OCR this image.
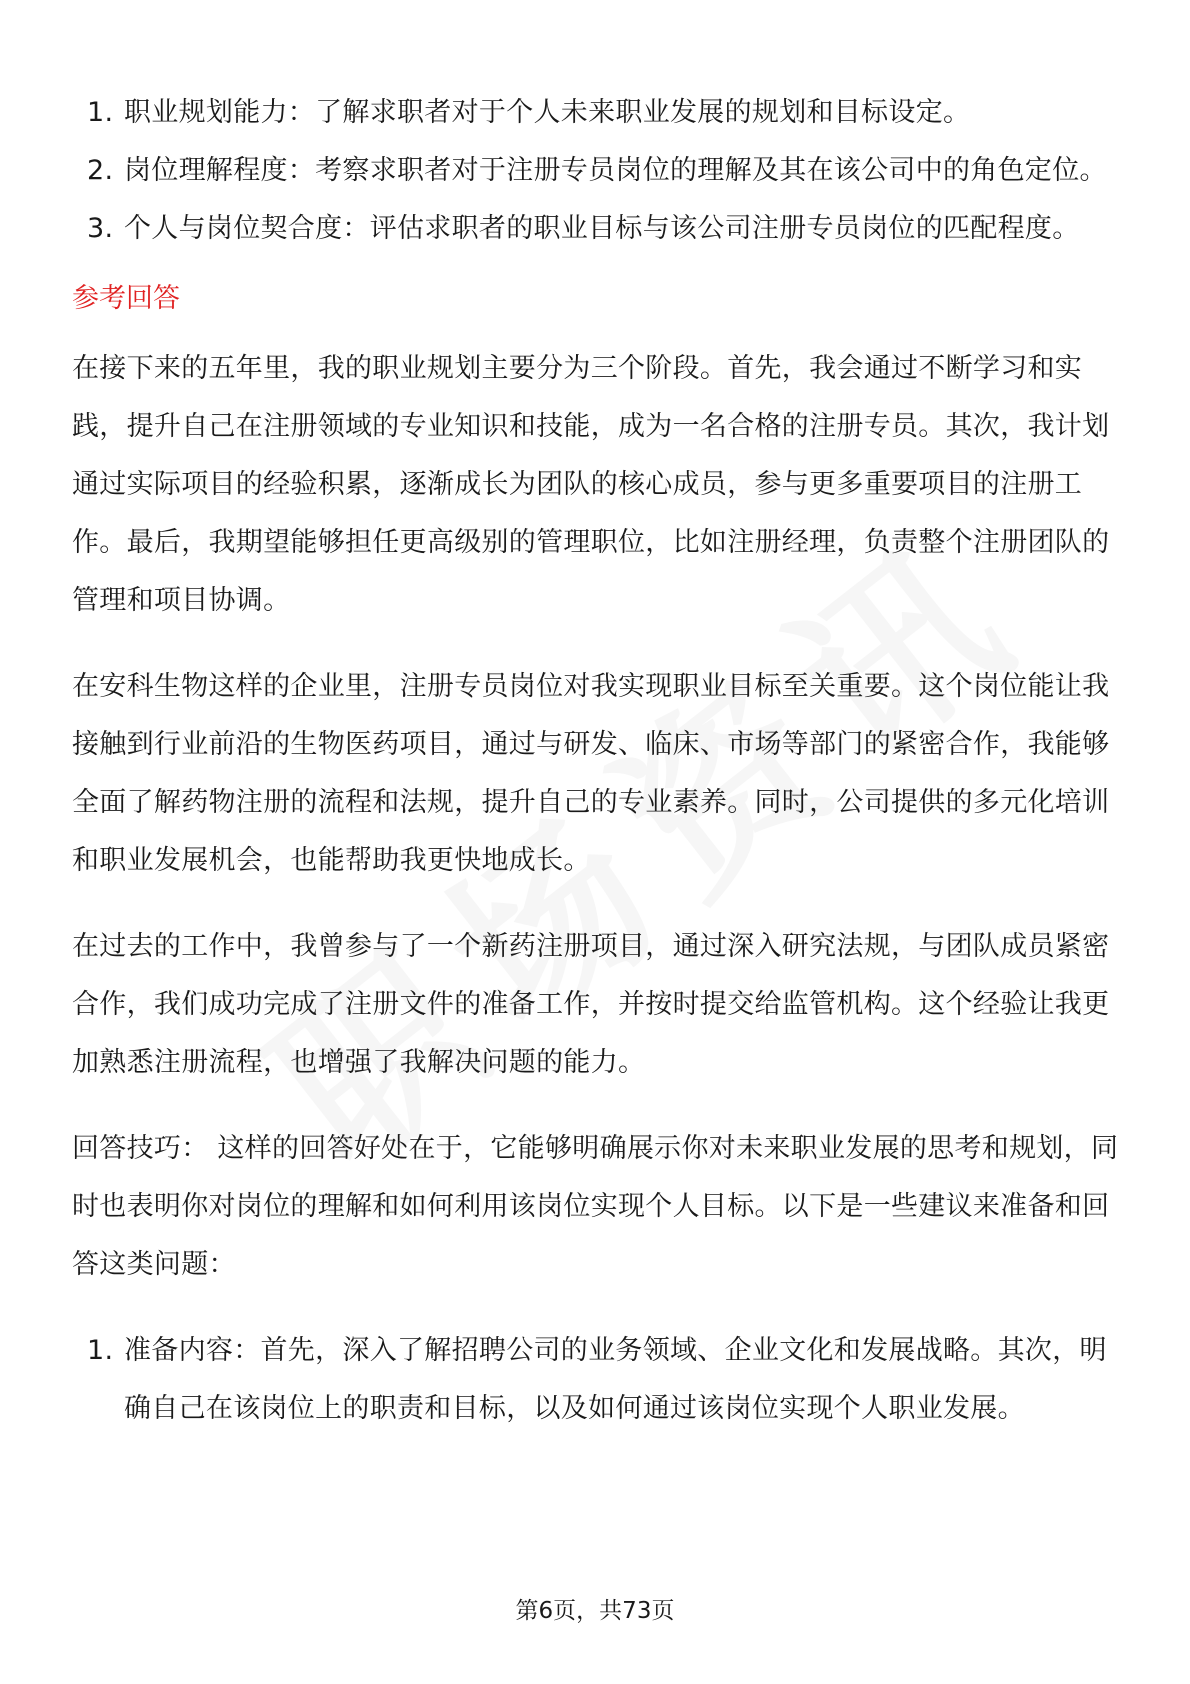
1. 职业规划能力：了解求职者对于个人未来职业发展的规划和目标设定。
2. 岗位理解程度：考察求职者对于注册专员岗位的理解及其在该公司中的角色定位。
3. 个人与岗位契合度：评估求职者的职业目标与该公司注册专员岗位的匹配程度。
参考回答

在接下来的五年里，我的职业规划主要分为三个阶段。首先，我会通过不断学习和实践，提升自己在注册领域的专业知识和技能，成为一名合格的注册专员。其次，我计划通过实际项目的经验积累，逐渐成长为团队的核心成员，参与更多重要项目的注册工作。最后，我期望能够担任更高级别的管理职位，比如注册经理，负责整个注册团队的管理和项目协调。

在安科生物这样的企业里，注册专员岗位对我实现职业目标至关重要。这个岗位能让我接触到行业前沿的生物医药项目，通过与研发、临床、市场等部门的紧密合作，我能够全面了解药物注册的流程和法规，提升自己的专业素养。同时，公司提供的多元化培训和职业发展机会，也能帮助我更快地成长。

在过去的工作中，我曾参与了一个新药注册项目，通过深入研究法规，与团队成员紧密合作，我们成功完成了注册文件的准备工作，并按时提交给监管机构。这个经验让我更加熟悉注册流程，也增强了我解决问题的能力。

回答技巧： 这样的回答好处在于，它能够明确展示你对未来职业发展的思考和规划，同时也表明你对岗位的理解和如何利用该岗位实现个人目标。以下是一些建议来准备和回答这类问题：

1. 准备内容：首先，深入了解招聘公司的业务领域、企业文化和发展战略。其次，明确自己在该岗位上的职责和目标，以及如何通过该岗位实现个人职业发展。
第6页，共73页
